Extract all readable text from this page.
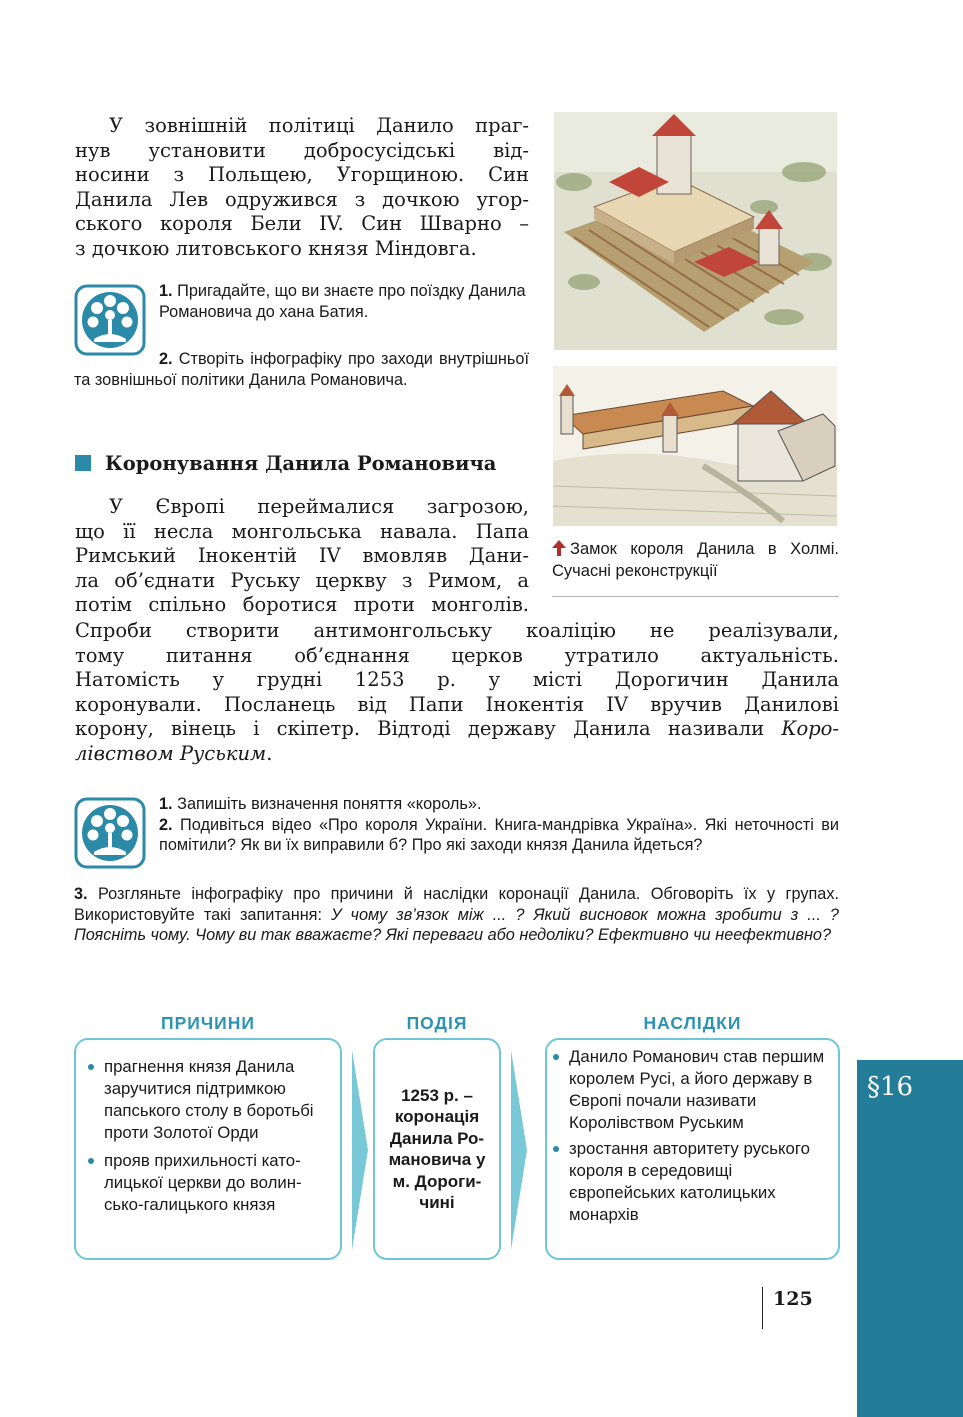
У зовнішній політиці Данило праг-

нув установити добросусідські від-

носини з Польщею, Угорщиною. Син

Данила Лев одружився з дочкою угор-

ського короля Бели IV. Син Шварно –

з дочкою литовського князя Міндовга.

1. Пригадайте, що ви знаєте про поїздку Данила Романовича до хана Батия.

2. Створіть інфографіку про заходи внутрішньої та зовнішньої політики Данила Романовича.

Коронування Данила Романовича
Замок короля Данила в Холмі. Сучасні реконструкції

У Європі переймалися загрозою,

що її несла монгольська навала. Папа

Римський Інокентій IV вмовляв Дани-

ла об’єднати Руську церкву з Римом, а

потім спільно боротися проти монголів.

Спроби створити антимонгольську коаліцію не реалізували,

тому питання об’єднання церков утратило актуальність.

Натомість у грудні 1253 р. у місті Дорогичин Данила

коронували. Посланець від Папи Інокентія IV вручив Данилові

корону, вінець і скіпетр. Відтоді державу Данила називали Коро-

лівством Руським.

1. Запишіть визначення поняття «король».

2. Подивіться відео «Про короля України. Книга-мандрівка Україна». Які неточності ви помітили? Як ви їх виправили б? Про які заходи князя Данила йдеться?

3. Розгляньте інфографіку про причини й наслідки коронації Данила. Обговоріть їх у групах. Використовуйте такі запитання: У чому зв’язок між ... ? Який висновок можна зробити з ... ? Поясніть чому. Чому ви так вважаєте? Які переваги або недоліки? Ефективно чи неефективно?

ПРИЧИНИ	ПОДІЯ	НАСЛІДКИ
прагнення князя Данила заручитися підтримкою папського столу в боротьбі проти Золотої Орди
прояв прихильності католицької церкви до волинсько-галицького князя
1253 р. –
коронація
Данила Ро-
мановича у
м. Дороги-
чині
Данило Романович став першим королем Русі, а його державу в Європі почали називати Королівством Руським
зростання авторитету руського короля в середовищі європейських католицьких монархів
§16
125
